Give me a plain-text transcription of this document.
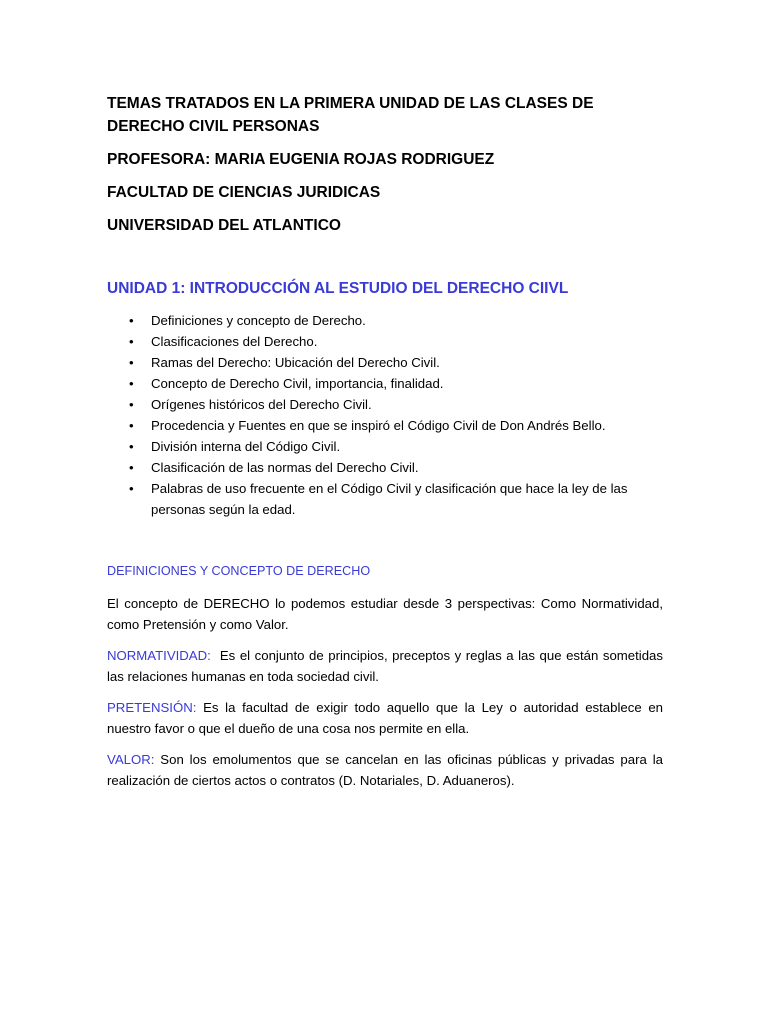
TEMAS TRATADOS EN LA PRIMERA UNIDAD DE LAS CLASES DE DERECHO CIVIL PERSONAS

PROFESORA: MARIA EUGENIA ROJAS RODRIGUEZ

FACULTAD DE CIENCIAS JURIDICAS

UNIVERSIDAD DEL ATLANTICO

UNIDAD 1: INTRODUCCIÓN AL ESTUDIO DEL DERECHO CIIVL
• Definiciones y concepto de Derecho.
• Clasificaciones del Derecho.
• Ramas del Derecho: Ubicación del Derecho Civil.
• Concepto de Derecho Civil, importancia, finalidad.
• Orígenes históricos del Derecho Civil.
• Procedencia y Fuentes en que se inspiró el Código Civil de Don Andrés Bello.
• División interna del Código Civil.
• Clasificación de las normas del Derecho Civil.
• Palabras de uso frecuente en el Código Civil y clasificación que hace la ley de las personas según la edad.
DEFINICIONES Y CONCEPTO DE DERECHO

El concepto de DERECHO lo podemos estudiar desde 3 perspectivas: Como Normatividad, como Pretensión y como Valor.

NORMATIVIDAD:  Es el conjunto de principios, preceptos y reglas a las que están sometidas las relaciones humanas en toda sociedad civil.

PRETENSIÓN: Es la facultad de exigir todo aquello que la Ley o autoridad establece en nuestro favor o que el dueño de una cosa nos permite en ella.

VALOR: Son los emolumentos que se cancelan en las oficinas públicas y privadas para la realización de ciertos actos o contratos (D. Notariales, D. Aduaneros).
